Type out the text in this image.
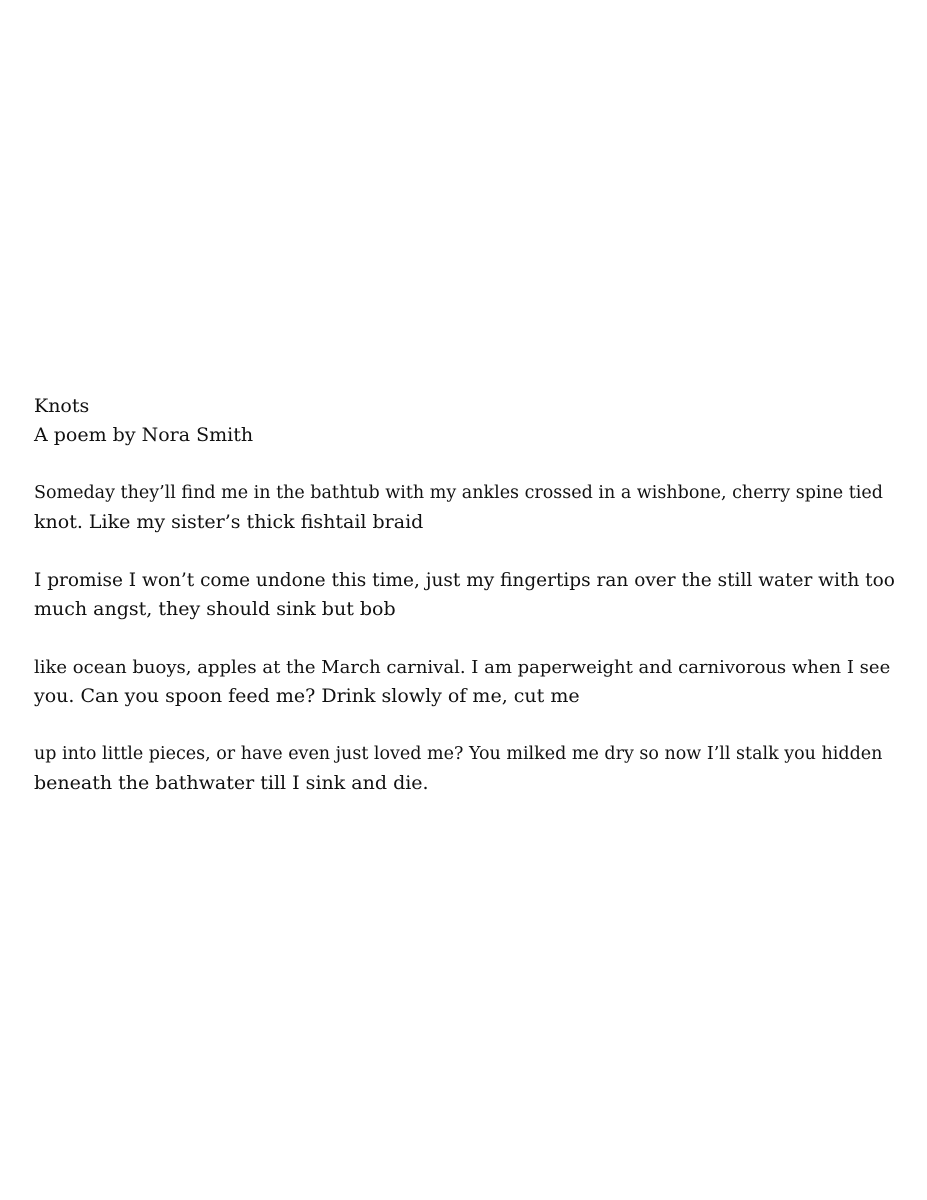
Knots
A poem by Nora Smith
Someday they’ll find me in the bathtub with my ankles crossed in a wishbone, cherry spine tied
knot. Like my sister’s thick fishtail braid
I promise I won’t come undone this time, just my fingertips ran over the still water with too
much angst, they should sink but bob
like ocean buoys, apples at the March carnival. I am paperweight and carnivorous when I see
you. Can you spoon feed me? Drink slowly of me, cut me
up into little pieces, or have even just loved me? You milked me dry so now I’ll stalk you hidden
beneath the bathwater till I sink and die.
